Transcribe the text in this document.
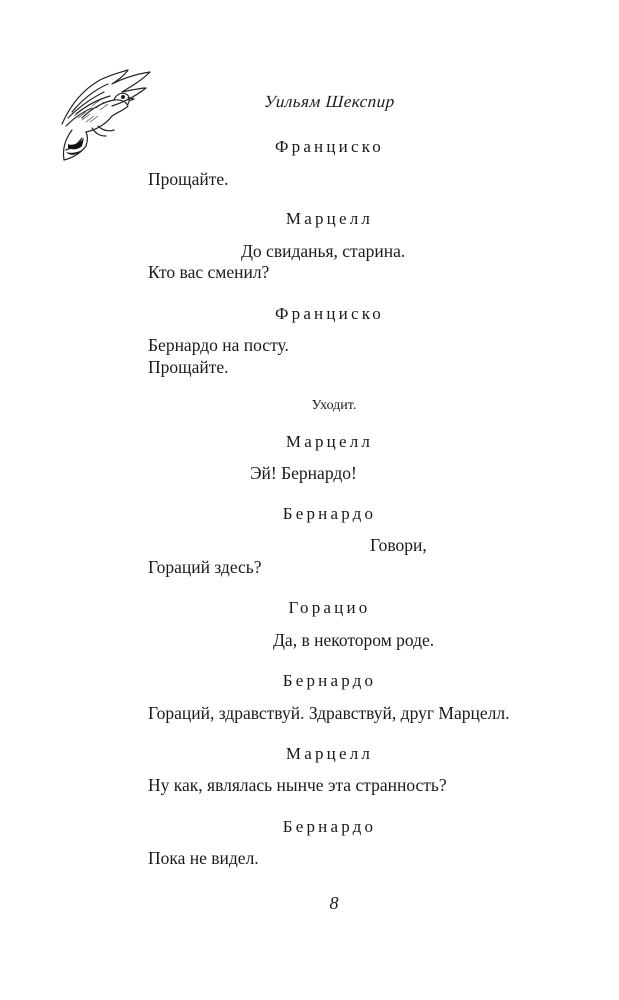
Уильям Шекспир
Франциско
Прощайте.
Марцелл
До свиданья, старина.
Кто вас сменил?
Франциско
Бернардо на посту.
Прощайте.
Уходит.
Марцелл
Эй! Бернардо!
Бернардо
Говори,
Гораций здесь?
Горацио
Да, в некотором роде.
Бернардо
Гораций, здравствуй. Здравствуй, друг Марцелл.
Марцелл
Ну как, являлась нынче эта странность?
Бернардо
Пока не видел.
8
